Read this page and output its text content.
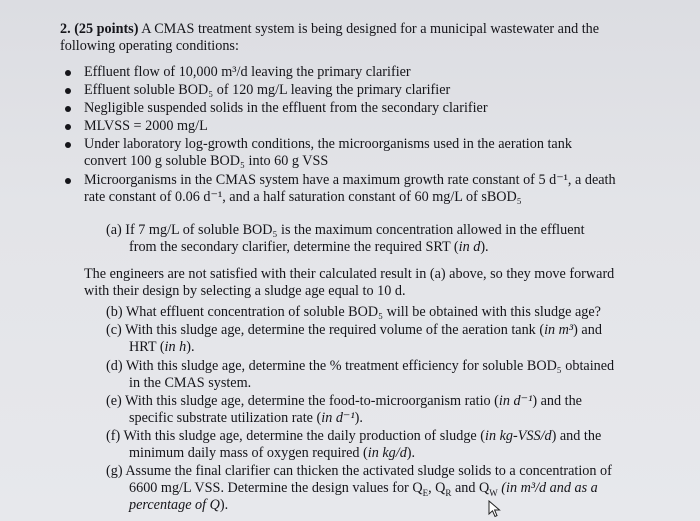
2. (25 points) A CMAS treatment system is being designed for a municipal wastewater and the
following operating conditions:
Effluent flow of 10,000 m³/d leaving the primary clarifier
Effluent soluble BOD₅ of 120 mg/L leaving the primary clarifier
Negligible suspended solids in the effluent from the secondary clarifier
MLVSS = 2000 mg/L
Under laboratory log-growth conditions, the microorganisms used in the aeration tank
convert 100 g soluble BOD₅ into 60 g VSS
Microorganisms in the CMAS system have a maximum growth rate constant of 5 d⁻¹, a death
rate constant of 0.06 d⁻¹, and a half saturation constant of 60 mg/L of sBOD₅
(a) If 7 mg/L of soluble BOD₅ is the maximum concentration allowed in the effluent
from the secondary clarifier, determine the required SRT (in d).
The engineers are not satisfied with their calculated result in (a) above, so they move forward
with their design by selecting a sludge age equal to 10 d.
(b) What effluent concentration of soluble BOD₅ will be obtained with this sludge age?
(c) With this sludge age, determine the required volume of the aeration tank (in m³) and
HRT (in h).
(d) With this sludge age, determine the % treatment efficiency for soluble BOD₅ obtained
in the CMAS system.
(e) With this sludge age, determine the food-to-microorganism ratio (in d⁻¹) and the
specific substrate utilization rate (in d⁻¹).
(f) With this sludge age, determine the daily production of sludge (in kg-VSS/d) and the
minimum daily mass of oxygen required (in kg/d).
(g) Assume the final clarifier can thicken the activated sludge solids to a concentration of
6600 mg/L VSS. Determine the design values for $Q_E$, $Q_R$ and $Q_W$ (in m³/d and as a
percentage of Q).
